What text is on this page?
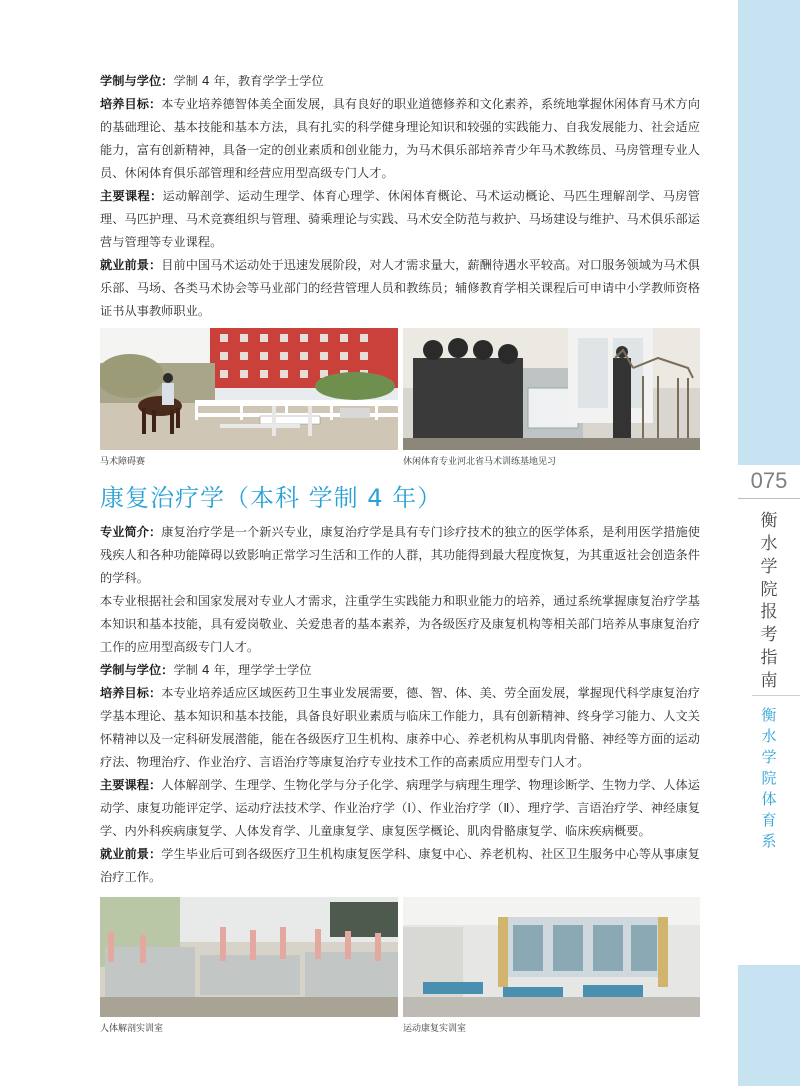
学制与学位：学制 4 年，教育学学士学位

培养目标：本专业培养德智体美全面发展，具有良好的职业道德修养和文化素养，系统地掌握休闲体育马术方向的基础理论、基本技能和基本方法，具有扎实的科学健身理论知识和较强的实践能力、自我发展能力、社会适应能力，富有创新精神，具备一定的创业素质和创业能力，为马术俱乐部培养青少年马术教练员、马房管理专业人员、休闲体育俱乐部管理和经营应用型高级专门人才。

主要课程：运动解剖学、运动生理学、体育心理学、休闲体育概论、马术运动概论、马匹生理解剖学、马房管理、马匹护理、马术竞赛组织与管理、骑乘理论与实践、马术安全防范与救护、马场建设与维护、马术俱乐部运营与管理等专业课程。

就业前景：目前中国马术运动处于迅速发展阶段，对人才需求量大，薪酬待遇水平较高。对口服务领域为马术俱乐部、马场、各类马术协会等马业部门的经营管理人员和教练员；辅修教育学相关课程后可申请中小学教师资格证书从事教师职业。

马术障碍赛	休闲体育专业河北省马术训练基地见习
康复治疗学（本科 学制 4 年）

专业简介：康复治疗学是一个新兴专业，康复治疗学是具有专门诊疗技术的独立的医学体系，是利用医学措施使残疾人和各种功能障碍以致影响正常学习生活和工作的人群，其功能得到最大程度恢复，为其重返社会创造条件的学科。

本专业根据社会和国家发展对专业人才需求，注重学生实践能力和职业能力的培养，通过系统掌握康复治疗学基本知识和基本技能，具有爱岗敬业、关爱患者的基本素养，为各级医疗及康复机构等相关部门培养从事康复治疗工作的应用型高级专门人才。

学制与学位：学制 4 年，理学学士学位

培养目标：本专业培养适应区域医药卫生事业发展需要，德、智、体、美、劳全面发展，掌握现代科学康复治疗学基本理论、基本知识和基本技能，具备良好职业素质与临床工作能力，具有创新精神、终身学习能力、人文关怀精神以及一定科研发展潜能，能在各级医疗卫生机构、康养中心、养老机构从事肌肉骨骼、神经等方面的运动疗法、物理治疗、作业治疗、言语治疗等康复治疗专业技术工作的高素质应用型专门人才。

主要课程：人体解剖学、生理学、生物化学与分子化学、病理学与病理生理学、物理诊断学、生物力学、人体运动学、康复功能评定学、运动疗法技术学、作业治疗学（Ⅰ）、作业治疗学（Ⅱ）、理疗学、言语治疗学、神经康复学、内外科疾病康复学、人体发育学、儿童康复学、康复医学概论、肌肉骨骼康复学、临床疾病概要。

就业前景：学生毕业后可到各级医疗卫生机构康复医学科、康复中心、养老机构、社区卫生服务中心等从事康复治疗工作。

人体解剖实训室	运动康复实训室
075
衡
水
学
院
报
考
指
南
衡
水
学
院
体
育
系
